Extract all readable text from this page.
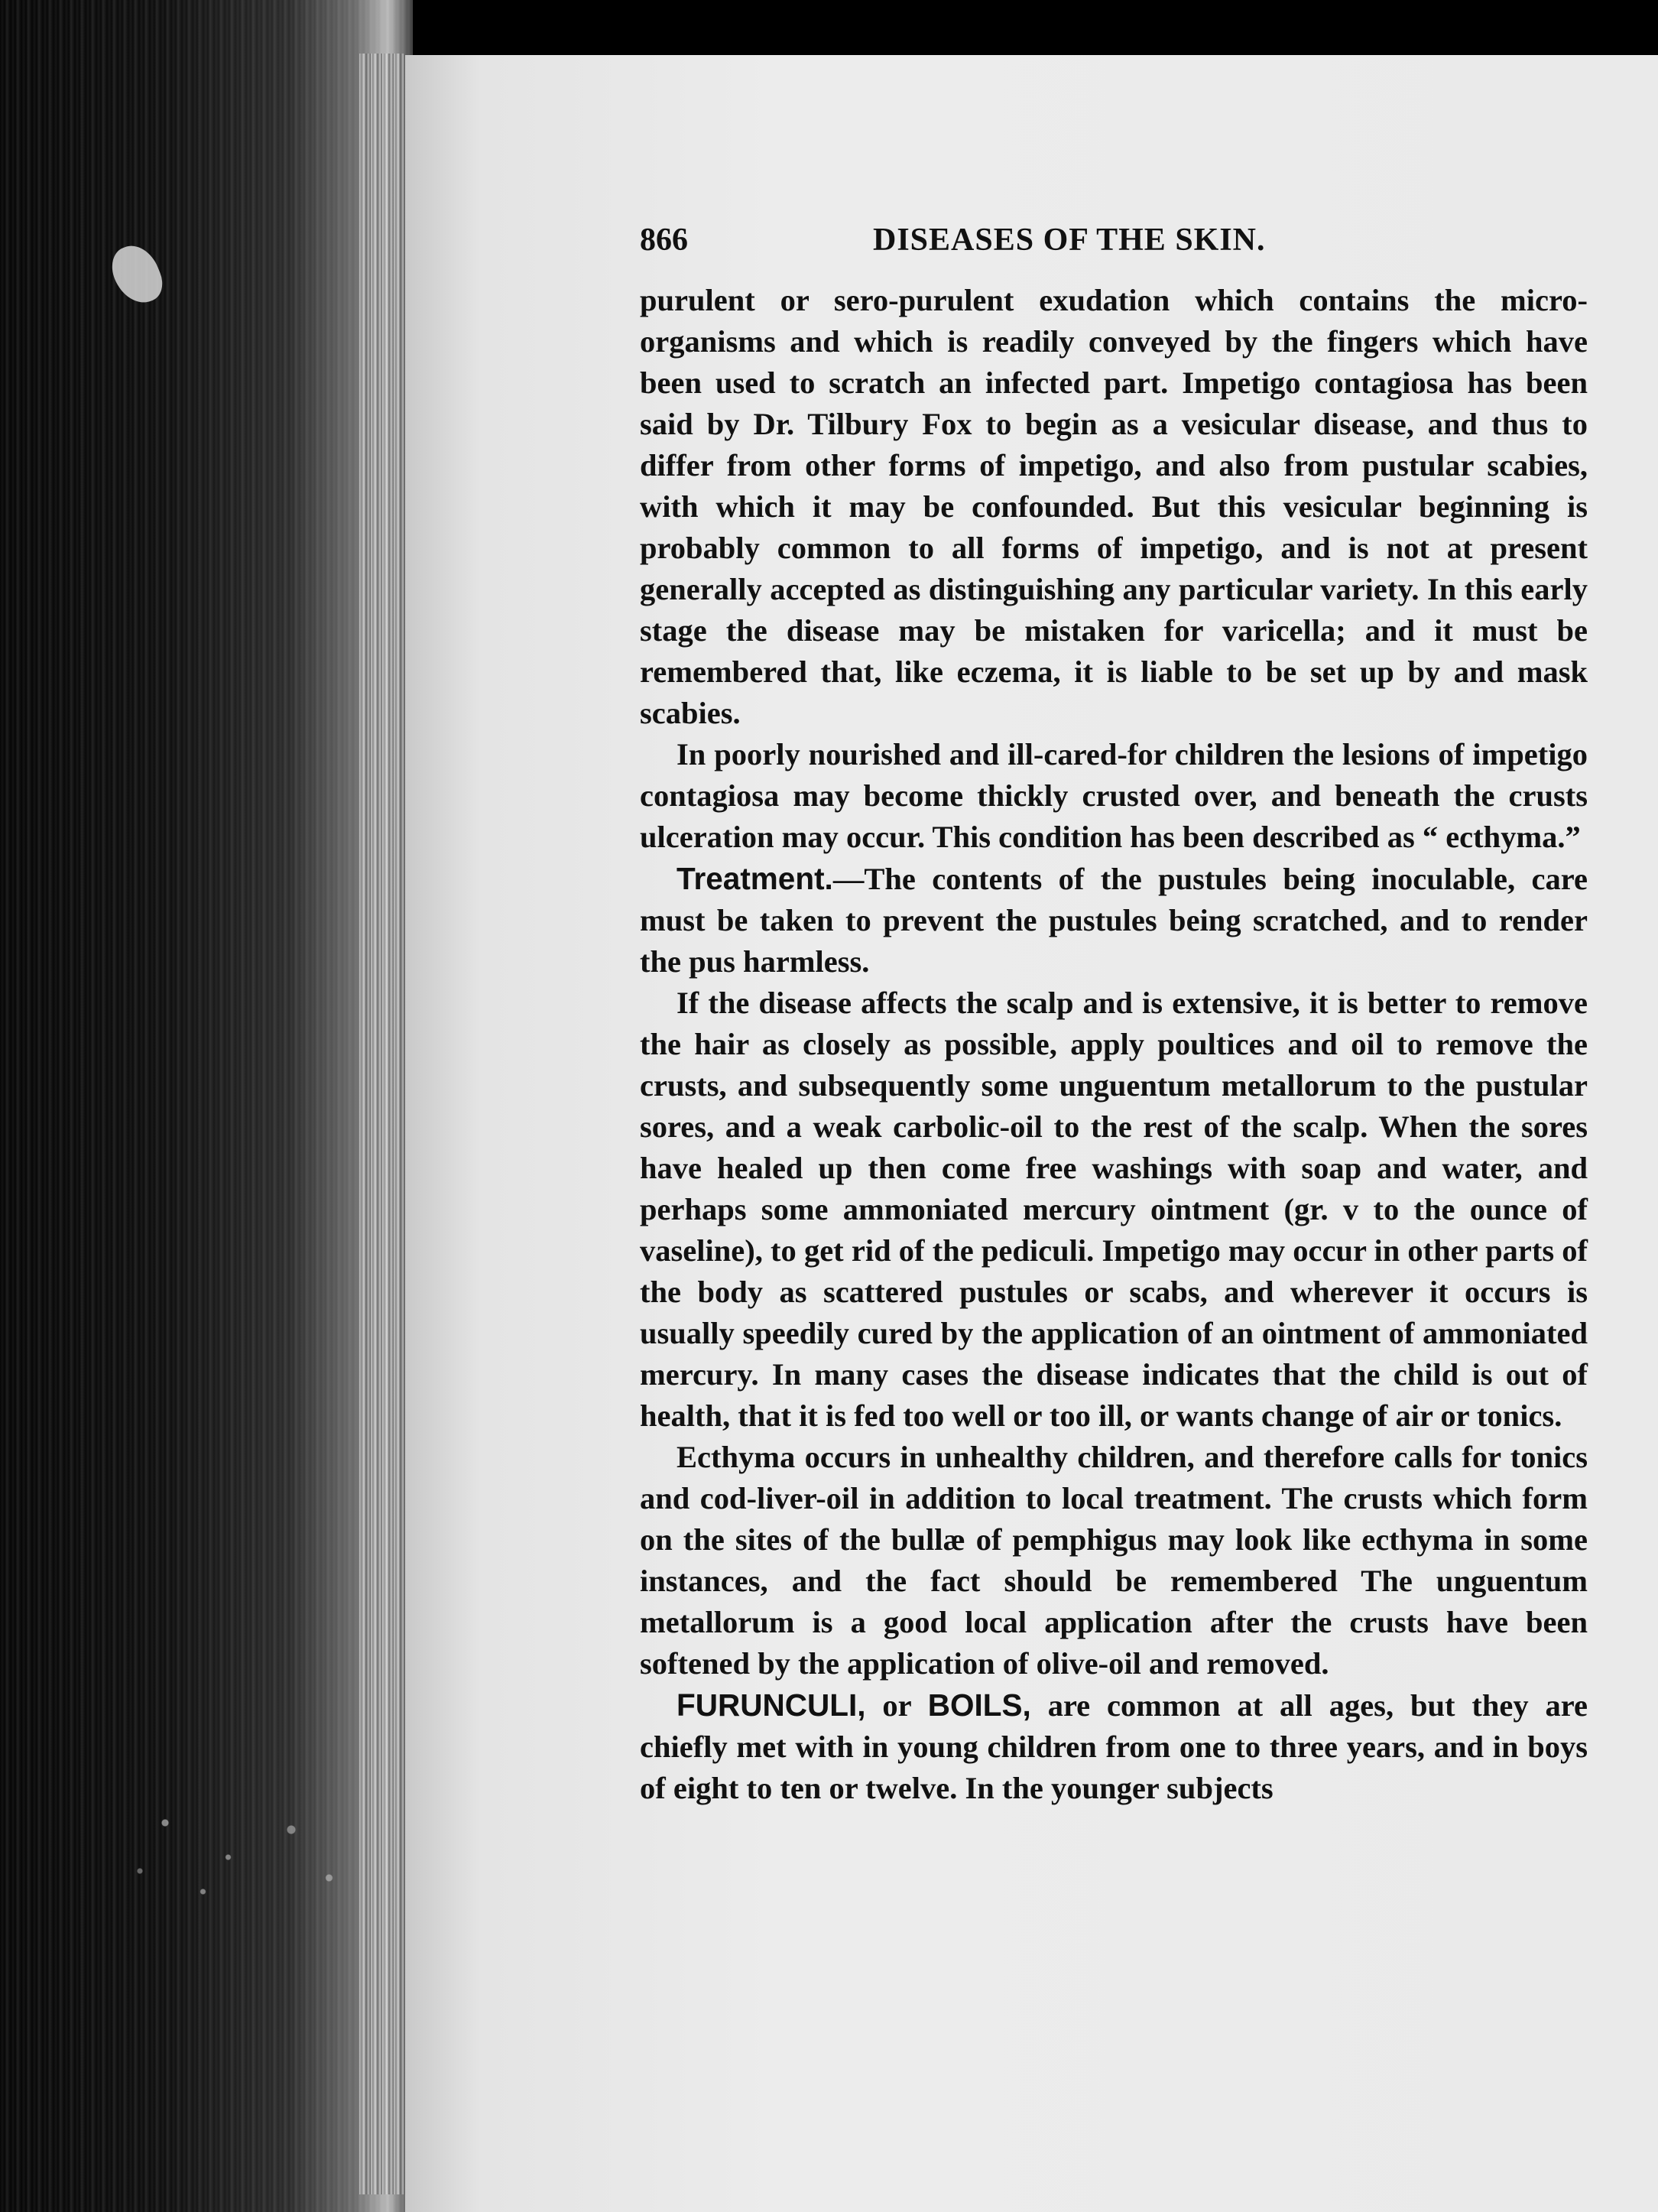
866	DISEASES OF THE SKIN.

purulent or sero-purulent exudation which contains the micro-organisms and which is readily conveyed by the fingers which have been used to scratch an infected part. Impetigo contagiosa has been said by Dr. Tilbury Fox to begin as a vesicular disease, and thus to differ from other forms of impetigo, and also from pustular scabies, with which it may be confounded. But this vesicular beginning is probably common to all forms of impetigo, and is not at present generally accepted as distinguishing any particular variety. In this early stage the disease may be mistaken for varicella; and it must be remembered that, like eczema, it is liable to be set up by and mask scabies.

In poorly nourished and ill-cared-for children the lesions of impetigo contagiosa may become thickly crusted over, and beneath the crusts ulceration may occur. This condition has been described as “ ecthyma.”

Treatment.—The contents of the pustules being inoculable, care must be taken to prevent the pustules being scratched, and to render the pus harmless.

If the disease affects the scalp and is extensive, it is better to remove the hair as closely as possible, apply poultices and oil to remove the crusts, and subsequently some unguentum metallorum to the pustular sores, and a weak carbolic-oil to the rest of the scalp. When the sores have healed up then come free washings with soap and water, and perhaps some ammoniated mercury ointment (gr. v to the ounce of vaseline), to get rid of the pediculi. Impetigo may occur in other parts of the body as scattered pustules or scabs, and wherever it occurs is usually speedily cured by the application of an ointment of ammoniated mercury. In many cases the disease indicates that the child is out of health, that it is fed too well or too ill, or wants change of air or tonics.

Ecthyma occurs in unhealthy children, and therefore calls for tonics and cod-liver-oil in addition to local treatment. The crusts which form on the sites of the bullæ of pemphigus may look like ecthyma in some instances, and the fact should be remembered The unguentum metallorum is a good local application after the crusts have been softened by the application of olive-oil and removed.

FURUNCULI, or BOILS, are common at all ages, but they are chiefly met with in young children from one to three years, and in boys of eight to ten or twelve. In the younger subjects
